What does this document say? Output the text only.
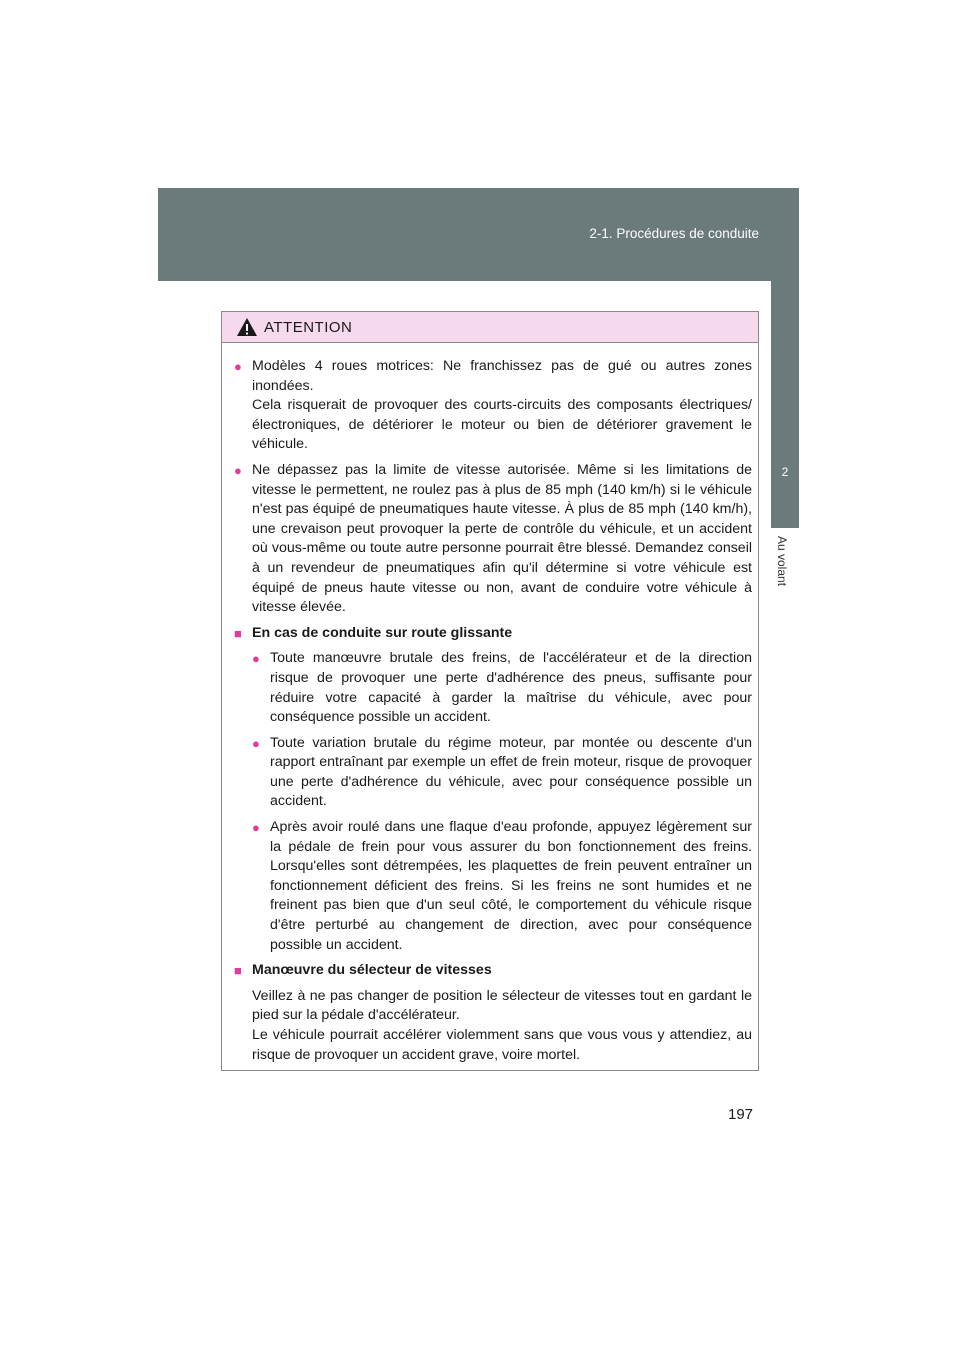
2-1. Procédures de conduite
2
Au volant
ATTENTION
● Modèles 4 roues motrices: Ne franchissez pas de gué ou autres zones inondées.
Cela risquerait de provoquer des courts-circuits des composants électriques/électroniques, de détériorer le moteur ou bien de détériorer gravement le véhicule.
● Ne dépassez pas la limite de vitesse autorisée. Même si les limitations de vitesse le permettent, ne roulez pas à plus de 85 mph (140 km/h) si le véhicule n'est pas équipé de pneumatiques haute vitesse. À plus de 85 mph (140 km/h), une crevaison peut provoquer la perte de contrôle du véhicule, et un accident où vous-même ou toute autre personne pourrait être blessé. Demandez conseil à un revendeur de pneumatiques afin qu'il détermine si votre véhicule est équipé de pneus haute vitesse ou non, avant de conduire votre véhicule à vitesse élevée.
■ En cas de conduite sur route glissante
● Toute manœuvre brutale des freins, de l'accélérateur et de la direction risque de provoquer une perte d'adhérence des pneus, suffisante pour réduire votre capacité à garder la maîtrise du véhicule, avec pour conséquence possible un accident.
● Toute variation brutale du régime moteur, par montée ou descente d'un rapport entraînant par exemple un effet de frein moteur, risque de provoquer une perte d'adhérence du véhicule, avec pour conséquence possible un accident.
● Après avoir roulé dans une flaque d'eau profonde, appuyez légèrement sur la pédale de frein pour vous assurer du bon fonctionnement des freins. Lorsqu'elles sont détrempées, les plaquettes de frein peuvent entraîner un fonctionnement déficient des freins. Si les freins ne sont humides et ne freinent pas bien que d'un seul côté, le comportement du véhicule risque d'être perturbé au changement de direction, avec pour conséquence possible un accident.
■ Manœuvre du sélecteur de vitesses
Veillez à ne pas changer de position le sélecteur de vitesses tout en gardant le pied sur la pédale d'accélérateur.
Le véhicule pourrait accélérer violemment sans que vous vous y attendiez, au risque de provoquer un accident grave, voire mortel.
197
